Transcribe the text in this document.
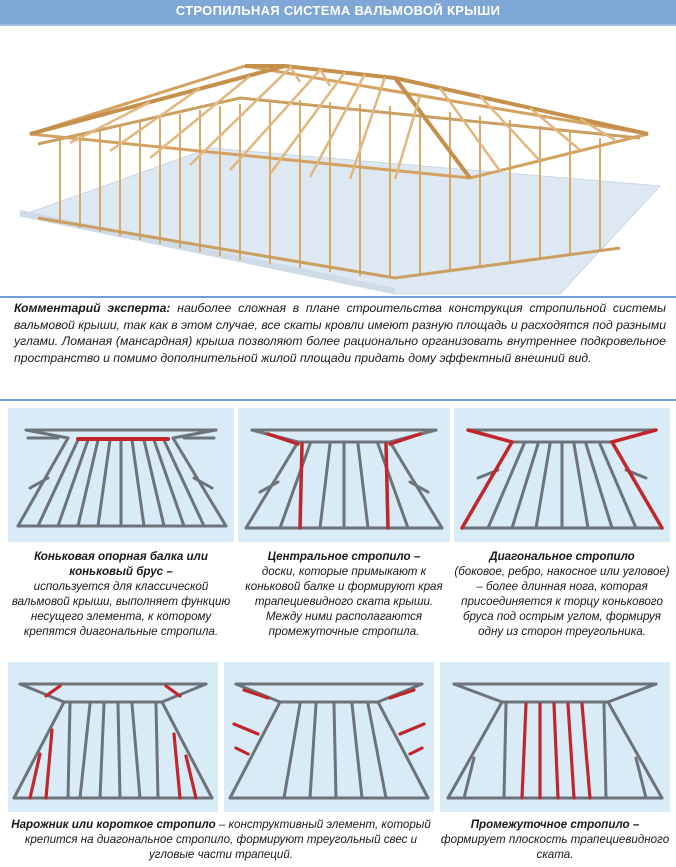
СТРОПИЛЬНАЯ СИСТЕМА ВАЛЬМОВОЙ КРЫШИ
Комментарий эксперта: наиболее сложная в плане строительства конструкция стропильной системы вальмовой крыши, так как в этом случае, все скаты кровли имеют разную площадь и расходятся под разными углами. Ломаная (мансардная) крыша позволяют более рационально организовать внутреннее подкровельное пространство и помимо дополнительной жилой площади придать дому эффектный внешний вид.
Коньковая опорная балка или коньковый брус –
используется для классической вальмовой крыши, выполняет функцию несущего элемента, к которому крепятся диагональные стропила.
Центральное стропило –
доски, которые примыкают к коньковой балке и формируют края трапециевидного ската крыши. Между ними располагаются промежуточные стропила.
Диагональное стропило
(боковое, ребро, накосное или угловое) – более длинная нога, которая присоединяется к торцу конькового бруса под острым углом, формируя одну из сторон треугольника.
Нарожник или короткое стропило – конструктивный элемент, который крепится на диагональное стропило, формируют треугольный свес и угловые части трапеций.
Промежуточное стропило –
формирует плоскость трапециевидного ската.
